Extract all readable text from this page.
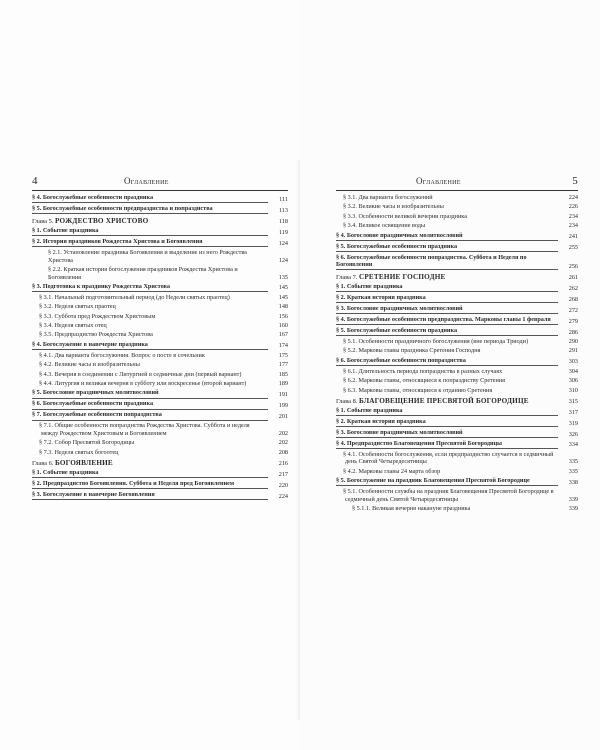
4	Оглавление
§ 4. Богослужебные особенности праздника	111
§ 5. Богослужебные особенности предпразднства и попразднства	113
Глава 5. РОЖДЕСТВО ХРИСТОВО	118
§ 1. Событие праздника	119
§ 2. История праздников Рождества Христова и Богоявления	124
§ 2.1. Установление праздника Богоявления и выделение из него Рождества Христова	124
§ 2.2. Краткая история богослужения праздников Рождества Христова и Богоявления	135
§ 3. Подготовка к празднику Рождества Христова	145
§ 3.1. Начальный подготовительный период (до Недели святых праотец)	145
§ 3.2. Неделя святых праотец	148
§ 3.3. Суббота пред Рождеством Христовым	156
§ 3.4. Неделя святых отец	160
§ 3.5. Предпразднство Рождества Христова	167
§ 4. Богослужение в навечерие праздника	174
§ 4.1. Два варианта богослужения. Вопрос о посте в сочельник	175
§ 4.2. Великие часы и изобразительны	177
§ 4.3. Вечерня в соединении с Литургией в седмичные дни (первый вариант)	185
§ 4.4. Литургия и великая вечерня в субботу или воскресенье (второй вариант)	189
§ 5. Богословие праздничных молитвословий	191
§ 6. Богослужебные особенности праздника	199
§ 7. Богослужебные особенности попразднства	201
§ 7.1. Общие особенности попразднства Рождества Христова. Суббота и неделя между Рождеством Христовым и Богоявлением	202
§ 7.2. Собор Пресвятой Богородицы	202
§ 7.3. Неделя святых богоотец	208
Глава 6. БОГОЯВЛЕНИЕ	216
§ 1. Событие праздника	217
§ 2. Предпразднство Богоявления. Суббота и Неделя пред Богоявлением	220
§ 3. Богослужение в навечерие Богоявления	224
Оглавление	5
§ 3.1. Два варианта богослужений	224
§ 3.2. Великие часы и изобразительны	226
§ 3.3. Особенности великой вечерни праздника	234
§ 3.4. Великое освящение воды	234
§ 4. Богословие праздничных молитвословий	241
§ 5. Богослужебные особенности праздника	255
§ 6. Богослужебные особенности попразднства. Суббота и Неделя по Богоявлении	256
Глава 7. СРЕТЕНИЕ ГОСПОДНЕ	261
§ 1. Событие праздника	262
§ 2. Краткая история праздника	268
§ 3. Богословие праздничных молитвословий	272
§ 4. Богослужебные особенности предпразднства. Марковы главы 1 февраля	279
§ 5. Богослужебные особенности праздника	286
§ 5.1. Особенности праздничного богослужения (вне периода Триоди)	290
§ 5.2. Марковы главы праздника Сретения Господня	291
§ 6. Богослужебные особенности попразднства	303
§ 6.1. Длительность периода попразднства в разных случаях	304
§ 6.2. Марковы главы, относящиеся к попразднству Сретения	306
§ 6.3. Марковы главы, относящиеся к отданию Сретения	310
Глава 8. БЛАГОВЕЩЕНИЕ ПРЕСВЯТОЙ БОГОРОДИЦЕ	315
§ 1. Событие праздника	317
§ 2. Краткая история праздника	319
§ 3. Богословие праздничных молитвословий	326
§ 4. Предпразднство Благовещения Пресвятой Богородицы	334
§ 4.1. Особенности богослужения, если предпразднство случается в седмичный день Святой Четыредесятницы	335
§ 4.2. Марковы главы 24 марта обзор	335
§ 5. Богослужение на праздник Благовещения Пресвятой Богородице	338
§ 5.1. Особенности службы на праздник Благовещения Пресвятой Богородице в седмичный день Святой Четыредесятницы	339
§ 5.1.1. Великая вечерня накануне праздника	339
